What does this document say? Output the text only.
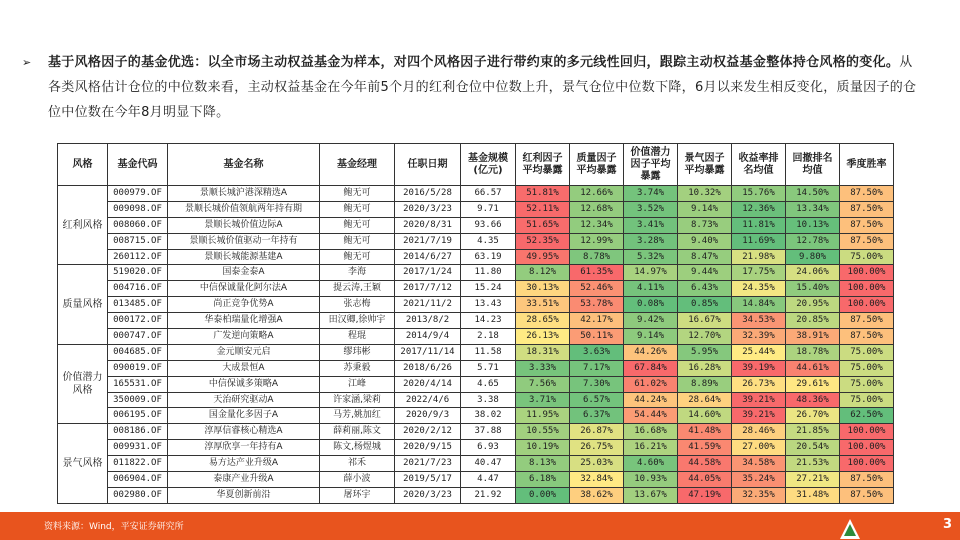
➢ 基于风格因子的基金优选：以全市场主动权益基金为样本，对四个风格因子进行带约束的多元线性回归，跟踪主动权益基金整体持仓风格的变化。从各类风格估计仓位的中位数来看，主动权益基金在今年前5个月的红利仓位中位数上升，景气仓位中位数下降，6月以来发生相反变化，质量因子的仓位中位数在今年8月明显下降。
风格	基金代码	基金名称	基金经理	任职日期	基金规模(亿元)	红利因子平均暴露	质量因子平均暴露	价值潜力因子平均暴露	景气因子平均暴露	收益率排名均值	回撤排名均值	季度胜率
红利风格	000979.OF	景顺长城沪港深精选A	鲍无可	2016/5/28	66.57	51.81%	12.66%	3.74%	10.32%	15.76%	14.50%	87.50%
	009098.OF	景顺长城价值领航两年持有期	鲍无可	2020/3/23	9.71	52.11%	12.68%	3.52%	9.14%	12.36%	13.34%	87.50%
	008060.OF	景顺长城价值边际A	鲍无可	2020/8/31	93.66	51.65%	12.34%	3.41%	8.73%	11.81%	10.13%	87.50%
	008715.OF	景顺长城价值驱动一年持有	鲍无可	2021/7/19	4.35	52.35%	12.99%	3.28%	9.40%	11.69%	12.78%	87.50%
	260112.OF	景顺长城能源基建A	鲍无可	2014/6/27	63.19	49.95%	8.78%	5.32%	8.47%	21.98%	9.80%	75.00%
质量风格	519020.OF	国泰金泰A	李海	2017/1/24	11.80	8.12%	61.35%	14.97%	9.44%	17.75%	24.06%	100.00%
	004716.OF	中信保诚量化阿尔法A	提云涛,王颖	2017/7/12	15.24	30.13%	52.46%	4.11%	6.43%	24.35%	15.40%	100.00%
	013485.OF	尚正竞争优势A	张志梅	2021/11/2	13.43	33.51%	53.78%	0.08%	0.85%	14.84%	20.95%	100.00%
	000172.OF	华泰柏瑞量化增强A	田汉卿,徐帅宇	2013/8/2	14.23	28.65%	42.17%	9.42%	16.67%	34.53%	20.85%	87.50%
	000747.OF	广发逆向策略A	程琨	2014/9/4	2.18	26.13%	50.11%	9.14%	12.70%	32.39%	38.91%	87.50%
价值潜力风格	004685.OF	金元顺安元启	缪玮彬	2017/11/14	11.58	18.31%	3.63%	44.26%	5.95%	25.44%	18.78%	75.00%
	090019.OF	大成景恒A	苏秉毅	2018/6/26	5.71	3.33%	7.17%	67.84%	16.28%	39.19%	44.61%	75.00%
	165531.OF	中信保诚多策略A	江峰	2020/4/14	4.65	7.56%	7.30%	61.02%	8.89%	26.73%	29.61%	75.00%
	350009.OF	天治研究驱动A	许家涵,梁莉	2022/4/6	3.38	3.71%	6.57%	44.24%	28.64%	39.21%	48.36%	75.00%
	006195.OF	国金量化多因子A	马芳,姚加红	2020/9/3	38.02	11.95%	6.37%	54.44%	14.60%	39.21%	26.70%	62.50%
景气风格	008186.OF	淳厚信睿核心精选A	薛莉丽,陈文	2020/2/12	37.88	10.55%	26.87%	16.68%	41.48%	28.46%	21.85%	100.00%
	009931.OF	淳厚欣享一年持有A	陈文,杨煜城	2020/9/15	6.93	10.19%	26.75%	16.21%	41.59%	27.00%	20.54%	100.00%
	011822.OF	易方达产业升级A	祁禾	2021/7/23	40.47	8.13%	25.03%	4.60%	44.58%	34.58%	21.53%	100.00%
	006904.OF	泰康产业升级A	薛小波	2019/5/17	4.47	6.18%	32.84%	10.93%	44.05%	35.24%	27.21%	87.50%
	002980.OF	华夏创新前沿	屠环宇	2020/3/23	21.92	0.00%	38.62%	13.67%	47.19%	32.35%	31.48%	87.50%
资料来源：Wind，平安证券研究所	3
